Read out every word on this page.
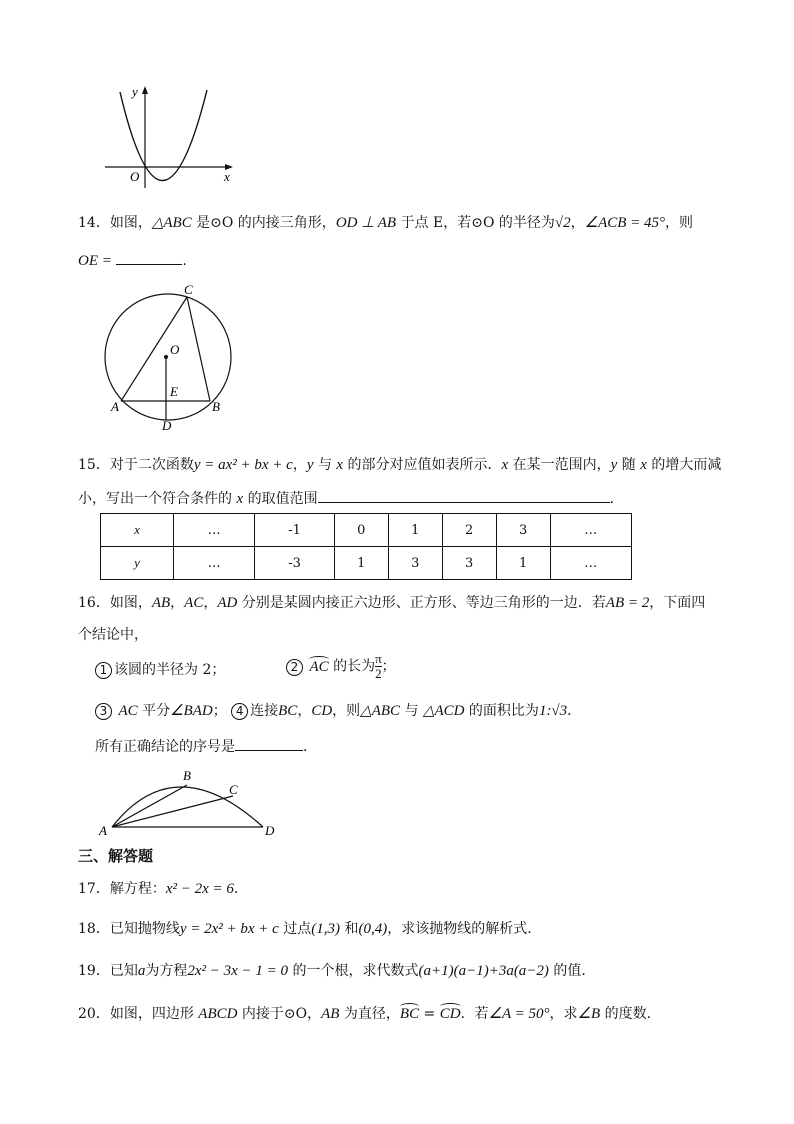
y
x
O
14．如图，△ABC 是⊙O 的内接三角形，OD ⊥ AB 于点 E，若⊙O 的半径为√2，∠ACB = 45°，则
OE =	.
C
O
E
A	B
D
15．对于二次函数y = ax² + bx + c，y 与 x 的部分对应值如表所示．x 在某一范围内，y 随 x 的增大而减
小，写出一个符合条件的 x 的取值范围	.
x	…	-1	0	1	2	3	…
y	…	-3	1	3	3	1	…
16．如图，AB，AC，AD 分别是某圆内接正六边形、正方形、等边三角形的一边．若AB = 2，下面四
个结论中，
1 该圆的半径为 2；	2 AC 的长为 $\frac{\pi}{2}$ ；
3 AC 平分∠BAD； 4 连接BC，CD，则△ABC 与 △ACD 的面积比为1:√3．
所有正确结论的序号是	.
A
B
C
D
三、解答题
17．解方程：x² − 2x = 6．
18．已知抛物线y = 2x² + bx + c 过点(1,3) 和(0,4)，求该抛物线的解析式.
19．已知a为方程2x² − 3x − 1 = 0 的一个根，求代数式(a+1)(a−1)+3a(a−2) 的值.
20．如图，四边形 ABCD 内接于⊙O，AB 为直径，BC = CD．若∠A = 50°，求∠B 的度数.
